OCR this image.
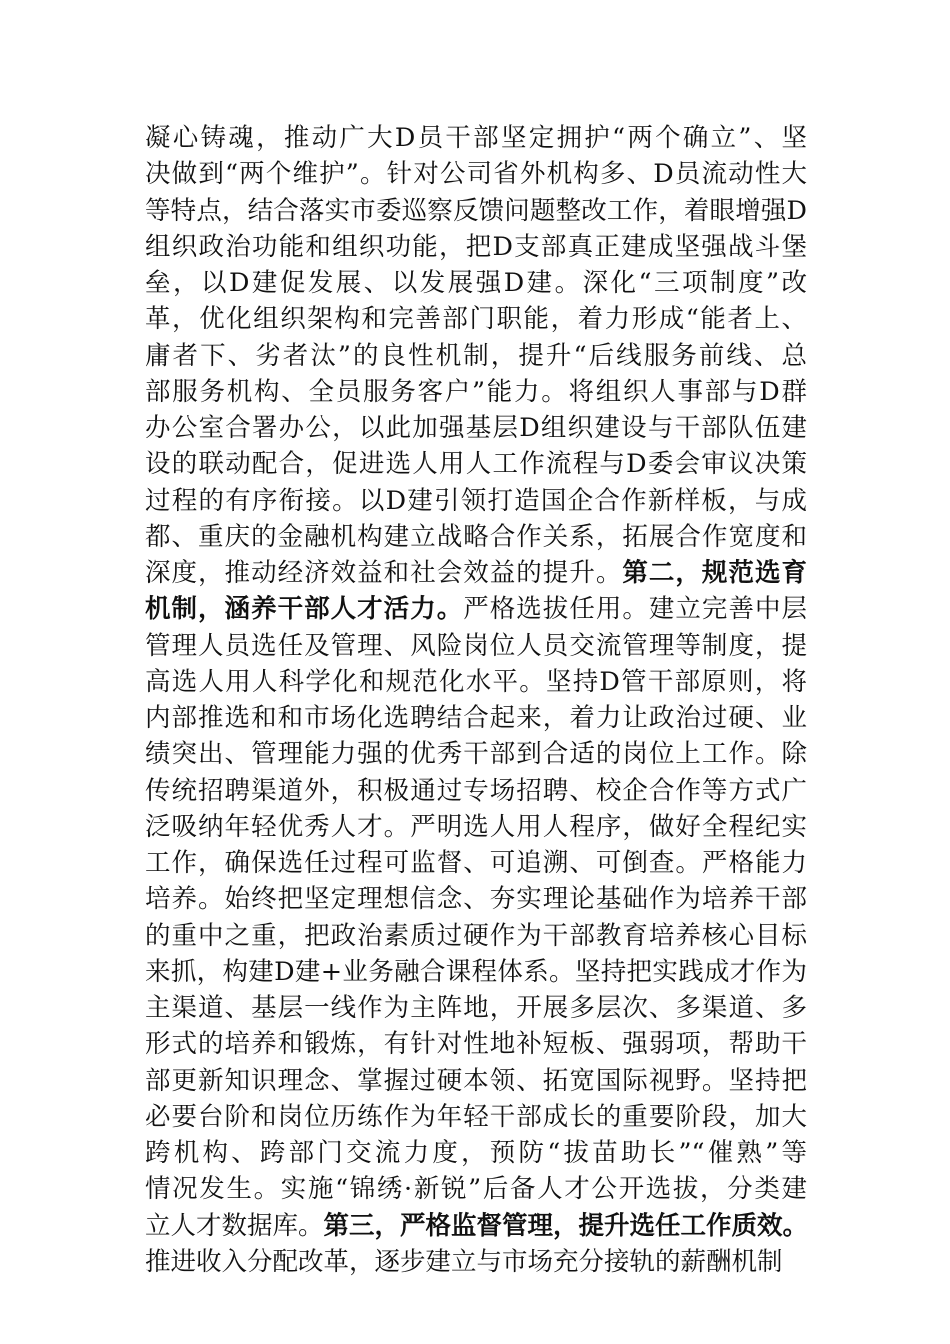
凝心铸魂，推动广大D员干部坚定拥护“两个确立”、坚
决做到“两个维护”。针对公司省外机构多、D员流动性大
等特点，结合落实市委巡察反馈问题整改工作，着眼增强D
组织政治功能和组织功能，把D支部真正建成坚强战斗堡
垒，以D建促发展、以发展强D建。深化“三项制度”改
革，优化组织架构和完善部门职能，着力形成“能者上、
庸者下、劣者汰”的良性机制，提升“后线服务前线、总
部服务机构、全员服务客户”能力。将组织人事部与D群
办公室合署办公，以此加强基层D组织建设与干部队伍建
设的联动配合，促进选人用人工作流程与D委会审议决策
过程的有序衔接。以D建引领打造国企合作新样板，与成
都、重庆的金融机构建立战略合作关系，拓展合作宽度和
深度，推动经济效益和社会效益的提升。第二，规范选育
机制，涵养干部人才活力。严格选拔任用。建立完善中层
管理人员选任及管理、风险岗位人员交流管理等制度，提
高选人用人科学化和规范化水平。坚持D管干部原则，将
内部推选和和市场化选聘结合起来，着力让政治过硬、业
绩突出、管理能力强的优秀干部到合适的岗位上工作。除
传统招聘渠道外，积极通过专场招聘、校企合作等方式广
泛吸纳年轻优秀人才。严明选人用人程序，做好全程纪实
工作，确保选任过程可监督、可追溯、可倒查。严格能力
培养。始终把坚定理想信念、夯实理论基础作为培养干部
的重中之重，把政治素质过硬作为干部教育培养核心目标
来抓，构建D建+业务融合课程体系。坚持把实践成才作为
主渠道、基层一线作为主阵地，开展多层次、多渠道、多
形式的培养和锻炼，有针对性地补短板、强弱项，帮助干
部更新知识理念、掌握过硬本领、拓宽国际视野。坚持把
必要台阶和岗位历练作为年轻干部成长的重要阶段，加大
跨机构、跨部门交流力度，预防“拔苗助长”“催熟”等
情况发生。实施“锦绣·新锐”后备人才公开选拔，分类建
立人才数据库。第三，严格监督管理，提升选任工作质效。
推进收入分配改革，逐步建立与市场充分接轨的薪酬机制
